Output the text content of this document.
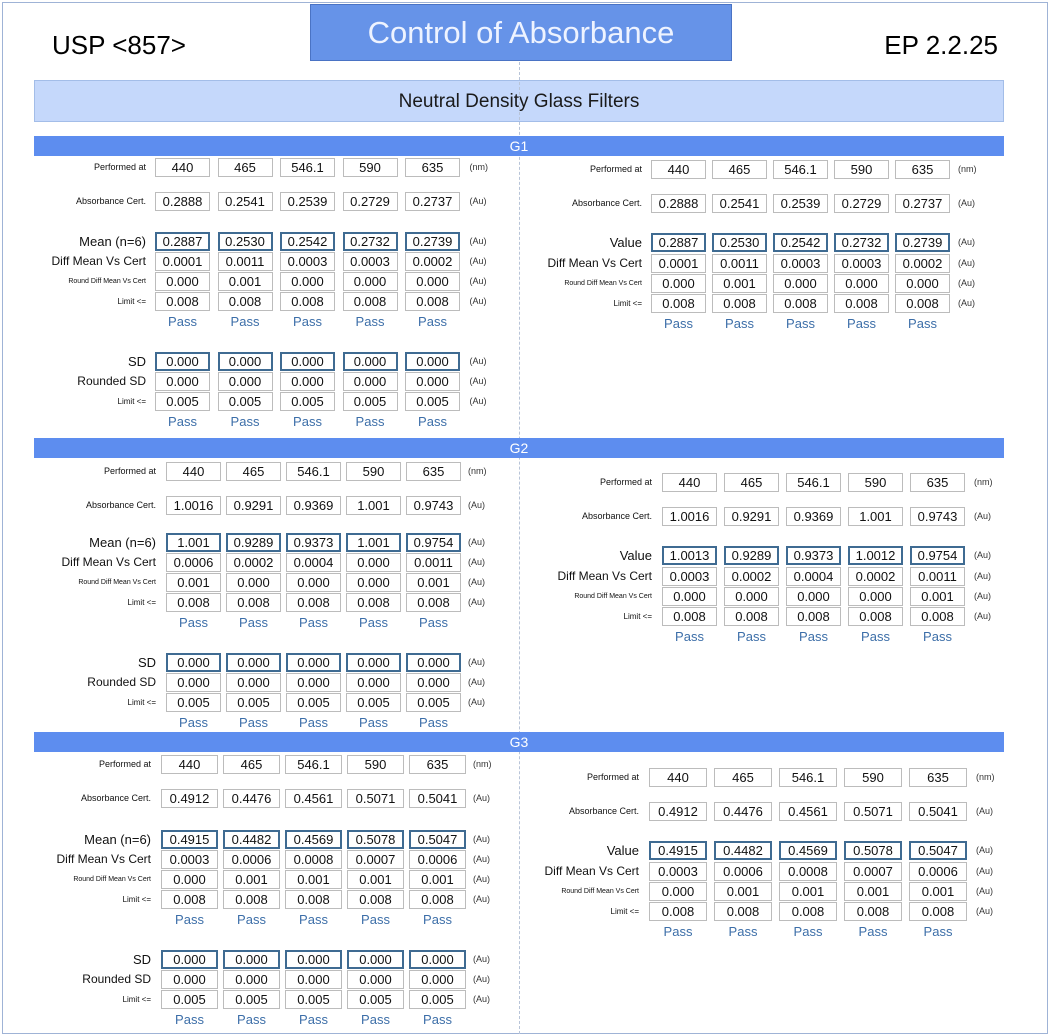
USP <857>	Control of Absorbance	EP 2.2.25
Neutral Density Glass Filters
G1
Performed at	440	465	546.1	590	635	(nm)
Absorbance Cert.	0.2888	0.2541	0.2539	0.2729	0.2737	(Au)
Mean (n=6)	0.2887	0.2530	0.2542	0.2732	0.2739	(Au)
Diff Mean Vs Cert	0.0001	0.0011	0.0003	0.0003	0.0002	(Au)
Round Diff Mean Vs Cert	0.000	0.001	0.000	0.000	0.000	(Au)
Limit <=	0.008	0.008	0.008	0.008	0.008	(Au)
Pass	Pass	Pass	Pass	Pass
SD	0.000	0.000	0.000	0.000	0.000	(Au)
Rounded SD	0.000	0.000	0.000	0.000	0.000	(Au)
Limit <=	0.005	0.005	0.005	0.005	0.005	(Au)
Pass	Pass	Pass	Pass	Pass
Performed at	440	465	546.1	590	635	(nm)
Absorbance Cert.	0.2888	0.2541	0.2539	0.2729	0.2737	(Au)
Value	0.2887	0.2530	0.2542	0.2732	0.2739	(Au)
Diff Mean Vs Cert	0.0001	0.0011	0.0003	0.0003	0.0002	(Au)
Round Diff Mean Vs Cert	0.000	0.001	0.000	0.000	0.000	(Au)
Limit <=	0.008	0.008	0.008	0.008	0.008	(Au)
Pass	Pass	Pass	Pass	Pass
G2
Performed at	440	465	546.1	590	635	(nm)
Absorbance Cert.	1.0016	0.9291	0.9369	1.001	0.9743	(Au)
Mean (n=6)	1.001	0.9289	0.9373	1.001	0.9754	(Au)
Diff Mean Vs Cert	0.0006	0.0002	0.0004	0.000	0.0011	(Au)
Round Diff Mean Vs Cert	0.001	0.000	0.000	0.000	0.001	(Au)
Limit <=	0.008	0.008	0.008	0.008	0.008	(Au)
Pass	Pass	Pass	Pass	Pass
SD	0.000	0.000	0.000	0.000	0.000	(Au)
Rounded SD	0.000	0.000	0.000	0.000	0.000	(Au)
Limit <=	0.005	0.005	0.005	0.005	0.005	(Au)
Pass	Pass	Pass	Pass	Pass
Performed at	440	465	546.1	590	635	(nm)
Absorbance Cert.	1.0016	0.9291	0.9369	1.001	0.9743	(Au)
Value	1.0013	0.9289	0.9373	1.0012	0.9754	(Au)
Diff Mean Vs Cert	0.0003	0.0002	0.0004	0.0002	0.0011	(Au)
Round Diff Mean Vs Cert	0.000	0.000	0.000	0.000	0.001	(Au)
Limit <=	0.008	0.008	0.008	0.008	0.008	(Au)
Pass	Pass	Pass	Pass	Pass
G3
Performed at	440	465	546.1	590	635	(nm)
Absorbance Cert.	0.4912	0.4476	0.4561	0.5071	0.5041	(Au)
Mean (n=6)	0.4915	0.4482	0.4569	0.5078	0.5047	(Au)
Diff Mean Vs Cert	0.0003	0.0006	0.0008	0.0007	0.0006	(Au)
Round Diff Mean Vs Cert	0.000	0.001	0.001	0.001	0.001	(Au)
Limit <=	0.008	0.008	0.008	0.008	0.008	(Au)
Pass	Pass	Pass	Pass	Pass
SD	0.000	0.000	0.000	0.000	0.000	(Au)
Rounded SD	0.000	0.000	0.000	0.000	0.000	(Au)
Limit <=	0.005	0.005	0.005	0.005	0.005	(Au)
Pass	Pass	Pass	Pass	Pass
Performed at	440	465	546.1	590	635	(nm)
Absorbance Cert.	0.4912	0.4476	0.4561	0.5071	0.5041	(Au)
Value	0.4915	0.4482	0.4569	0.5078	0.5047	(Au)
Diff Mean Vs Cert	0.0003	0.0006	0.0008	0.0007	0.0006	(Au)
Round Diff Mean Vs Cert	0.000	0.001	0.001	0.001	0.001	(Au)
Limit <=	0.008	0.008	0.008	0.008	0.008	(Au)
Pass	Pass	Pass	Pass	Pass
